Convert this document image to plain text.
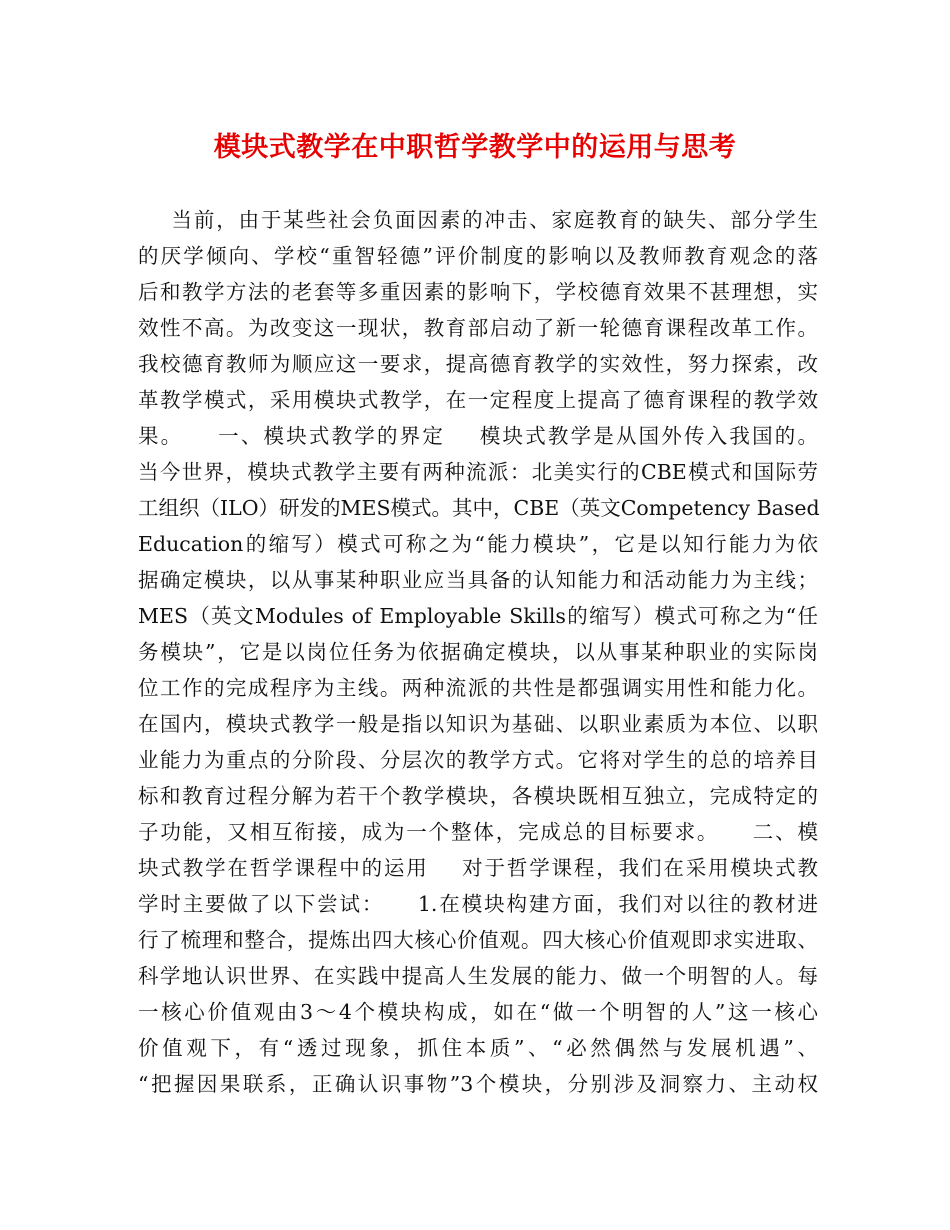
模块式教学在中职哲学教学中的运用与思考
当前，由于某些社会负面因素的冲击、家庭教育的缺失、部分学生
的厌学倾向、学校“重智轻德”评价制度的影响以及教师教育观念的落
后和教学方法的老套等多重因素的影响下，学校德育效果不甚理想，实
效性不高。为改变这一现状，教育部启动了新一轮德育课程改革工作。
我校德育教师为顺应这一要求，提高德育教学的实效性，努力探索，改
革教学模式，采用模块式教学，在一定程度上提高了德育课程的教学效
果。    一、模块式教学的界定    模块式教学是从国外传入我国的。
当今世界，模块式教学主要有两种流派：北美实行的CBE模式和国际劳
工组织（ILO）研发的MES模式。其中，CBE（英文Competency Based
Education的缩写）模式可称之为“能力模块”，它是以知行能力为依
据确定模块，以从事某种职业应当具备的认知能力和活动能力为主线；
MES（英文Modules of Employable Skills的缩写）模式可称之为“任
务模块”，它是以岗位任务为依据确定模块，以从事某种职业的实际岗
位工作的完成程序为主线。两种流派的共性是都强调实用性和能力化。
在国内，模块式教学一般是指以知识为基础、以职业素质为本位、以职
业能力为重点的分阶段、分层次的教学方式。它将对学生的总的培养目
标和教育过程分解为若干个教学模块，各模块既相互独立，完成特定的
子功能，又相互衔接，成为一个整体，完成总的目标要求。    二、模
块式教学在哲学课程中的运用    对于哲学课程，我们在采用模块式教
学时主要做了以下尝试：    1.在模块构建方面，我们对以往的教材进
行了梳理和整合，提炼出四大核心价值观。四大核心价值观即求实进取、
科学地认识世界、在实践中提高人生发展的能力、做一个明智的人。每
一核心价值观由3～4个模块构成，如在“做一个明智的人”这一核心
价值观下，有“透过现象，抓住本质”、“必然偶然与发展机遇”、
“把握因果联系，正确认识事物”3个模块，分别涉及洞察力、主动权
